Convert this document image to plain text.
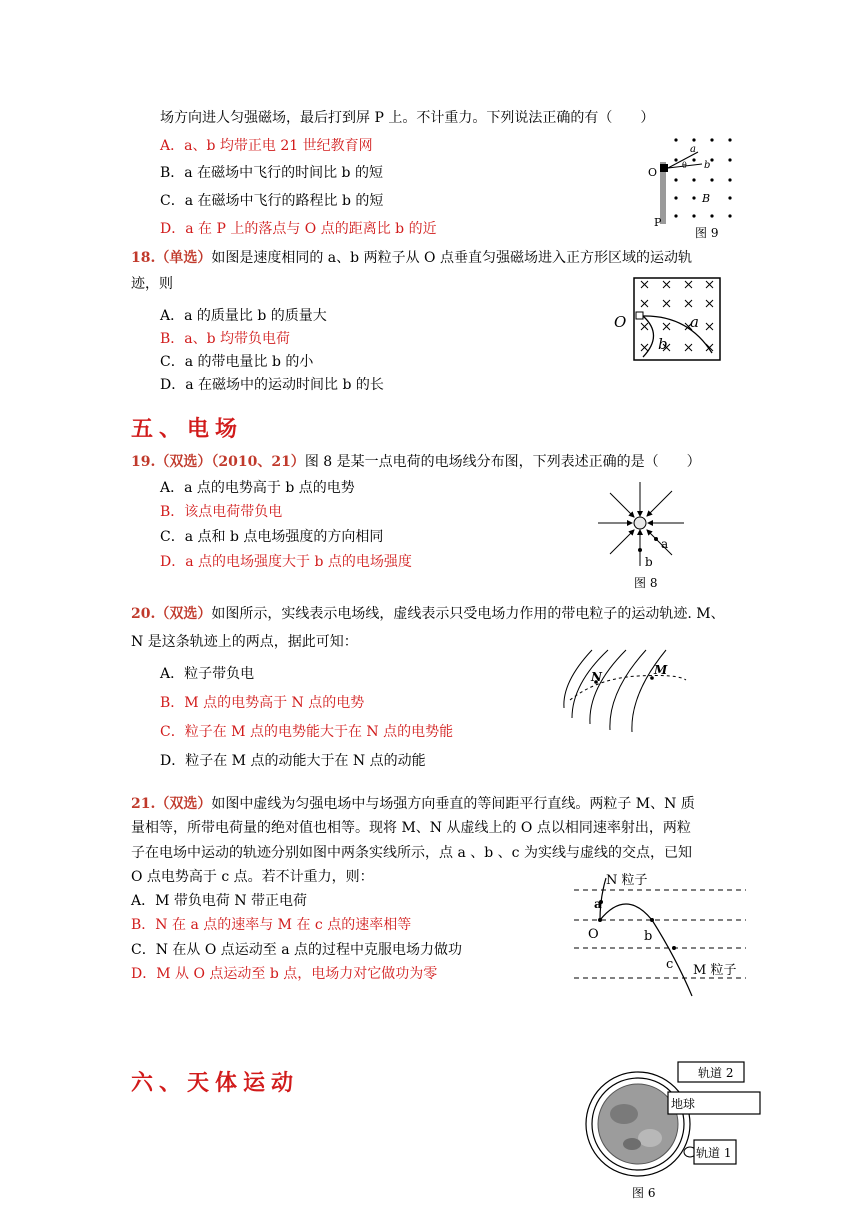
场方向进人匀强磁场，最后打到屏 P 上。不计重力。下列说法正确的有（　　）
A．a、b 均带正电 21 世纪教育网
B．a 在磁场中飞行的时间比 b 的短
C．a 在磁场中飞行的路程比 b 的短
D．a 在 P 上的落点与 O 点的距离比 b 的近
O
P
a
b
θ
B
图 9
18.（单选）如图是速度相同的 a、b 两粒子从 O 点垂直匀强磁场进入正方形区域的运动轨
迹，则
A．a 的质量比 b 的质量大
B．a、b 均带负电荷
C．a 的带电量比 b 的小
D．a 在磁场中的运动时间比 b 的长
O	a
b
五、电场
19.（双选）（2010、21）图 8 是某一点电荷的电场线分布图，下列表述正确的是（　　）
A．a 点的电势高于 b 点的电势
B．该点电荷带负电
C．a 点和 b 点电场强度的方向相同
D．a 点的电场强度大于 b 点的电场强度
a
b
图 8
20.（双选）如图所示，实线表示电场线，虚线表示只受电场力作用的带电粒子的运动轨迹. M、
N 是这条轨迹上的两点，据此可知：
A．粒子带负电
B．M 点的电势高于 N 点的电势
C．粒子在 M 点的电势能大于在 N 点的电势能
D．粒子在 M 点的动能大于在 N 点的动能
N	M
21.（双选）如图中虚线为匀强电场中与场强方向垂直的等间距平行直线。两粒子 M、N 质
量相等，所带电荷量的绝对值也相等。现将 M、N 从虚线上的 O 点以相同速率射出，两粒
子在电场中运动的轨迹分别如图中两条实线所示，点 a 、b 、c 为实线与虚线的交点，已知
O 点电势高于 c 点。若不计重力，则：
A．M 带负电荷 N 带正电荷
B．N 在 a 点的速率与 M 在 c 点的速率相等
C．N 在从 O 点运动至 a 点的过程中克服电场力做功
D．M 从 O 点运动至 b 点，电场力对它做功为零
N 粒子
M 粒子
O
a
b
c
六、天体运动	轨道 2
地球
轨道 1
图 6
